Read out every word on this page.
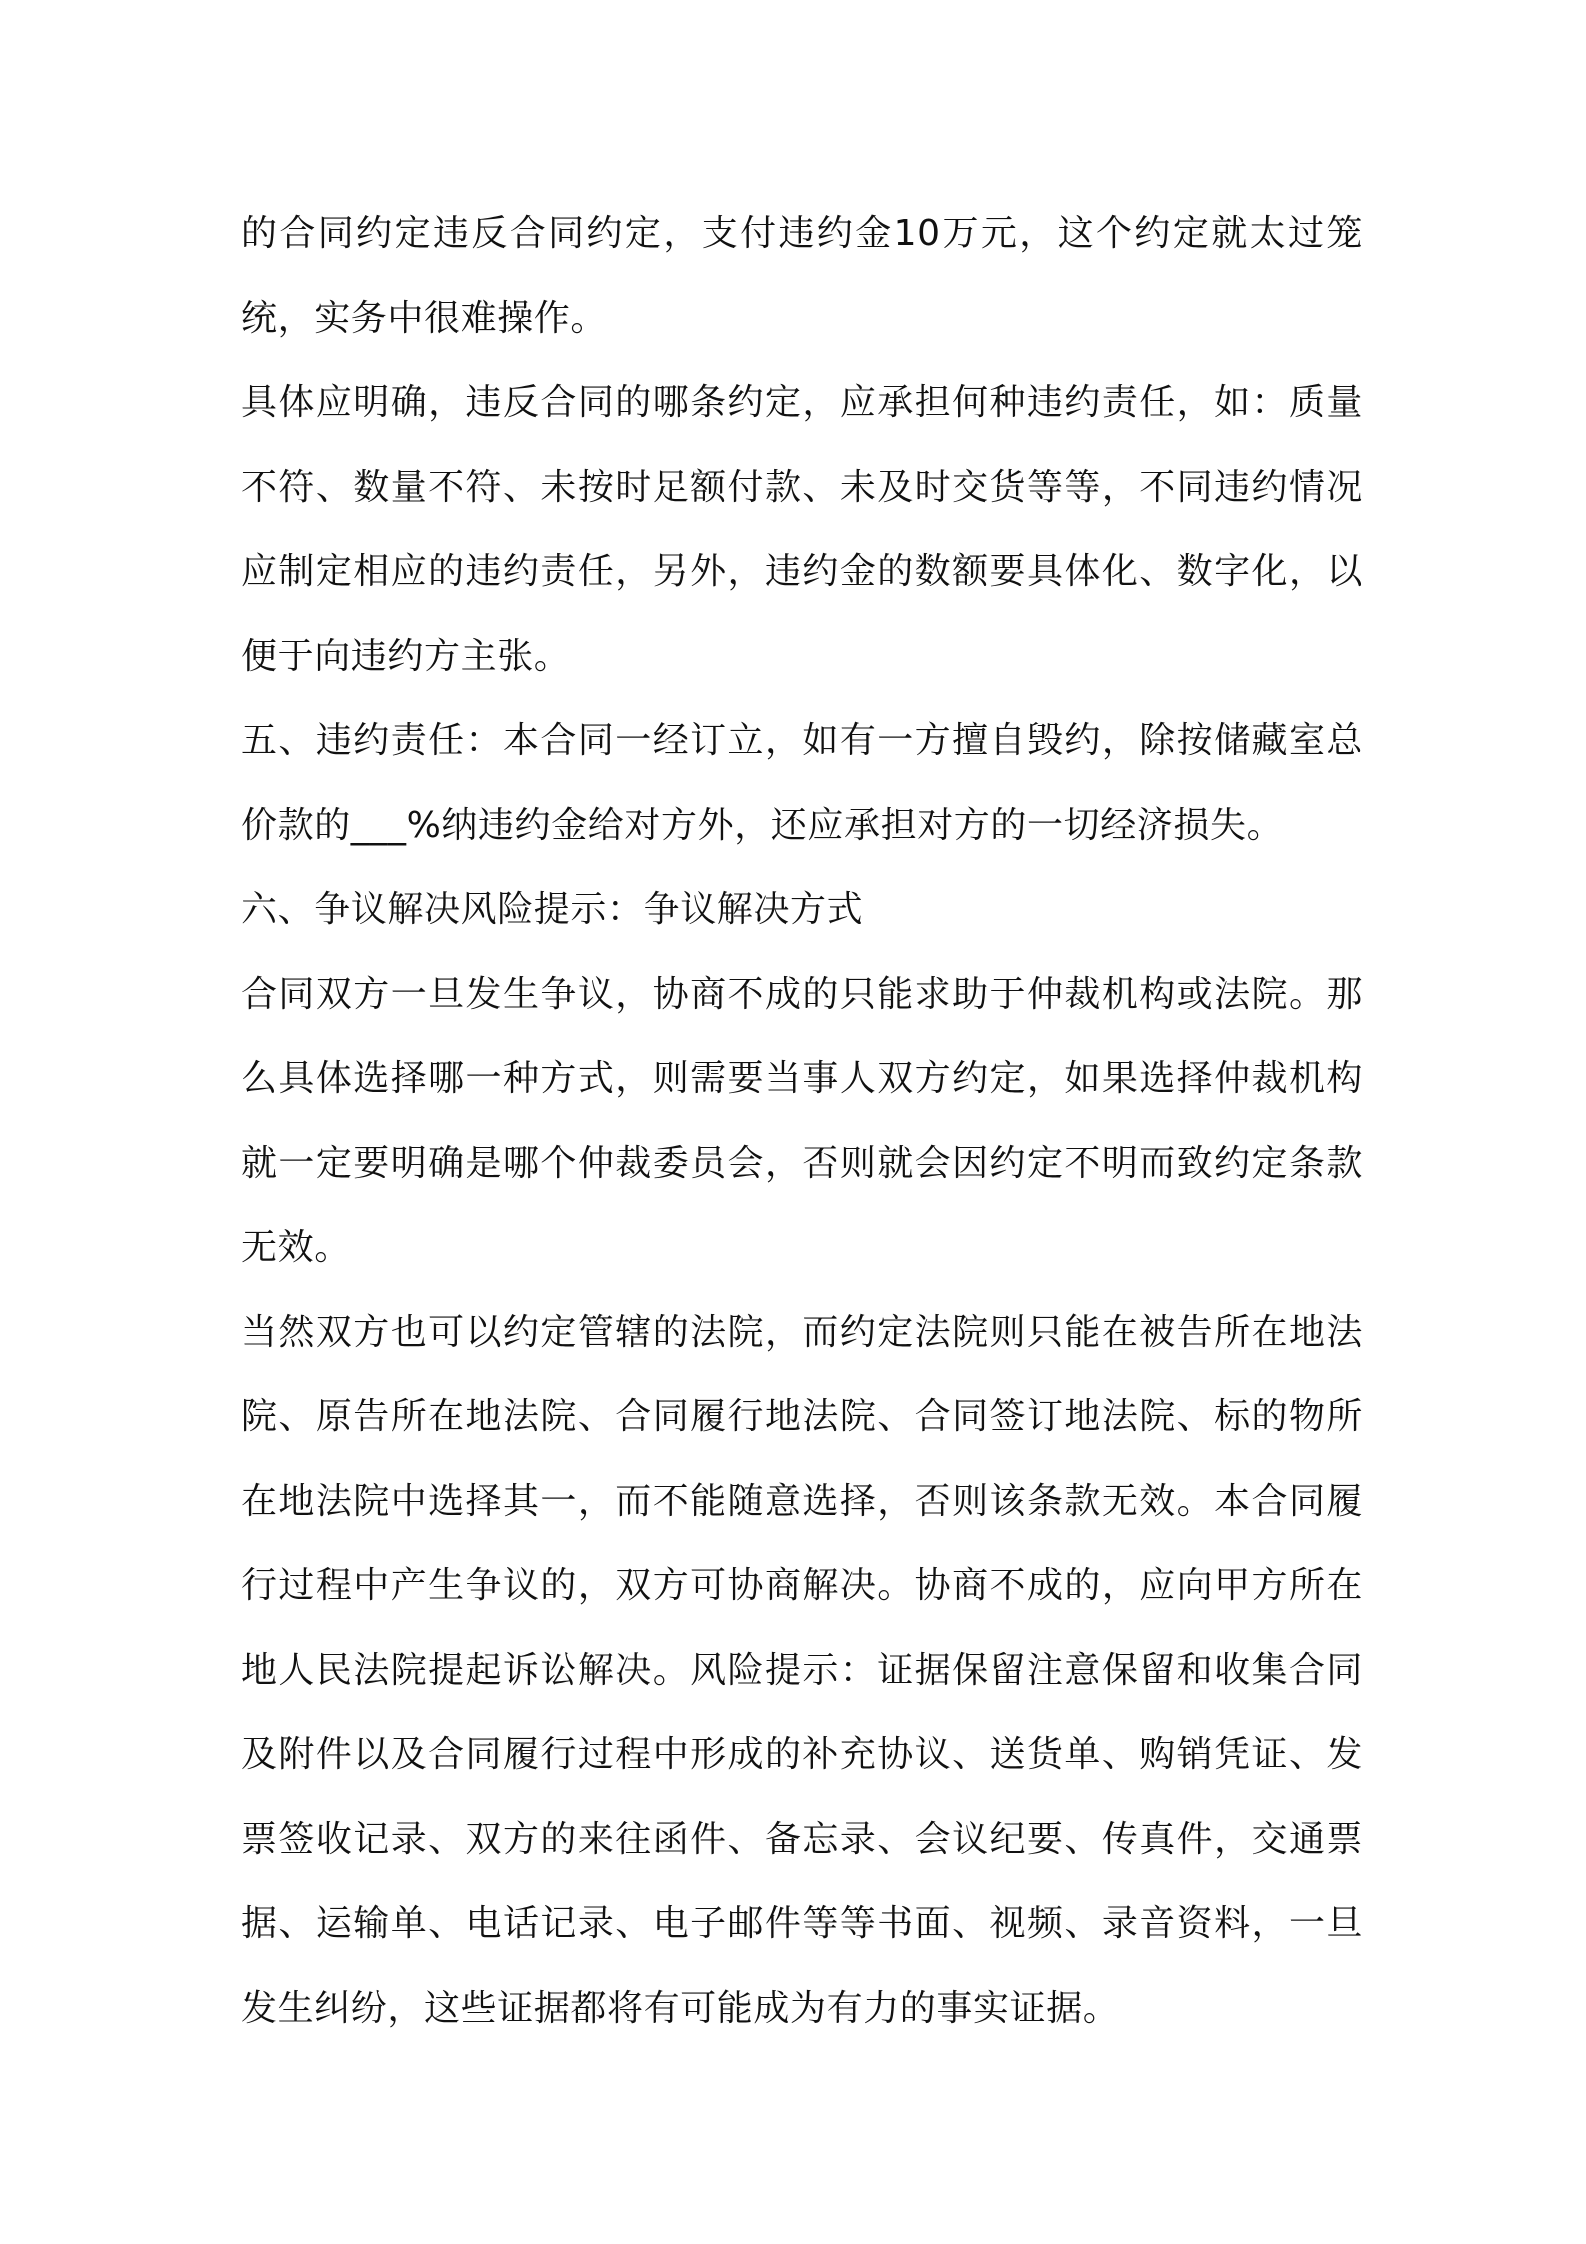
的合同约定违反合同约定，支付违约金10万元，这个约定就太过笼统，实务中很难操作。

具体应明确，违反合同的哪条约定，应承担何种违约责任，如：质量不符、数量不符、未按时足额付款、未及时交货等等，不同违约情况应制定相应的违约责任，另外，违约金的数额要具体化、数字化，以便于向违约方主张。

五、违约责任：本合同一经订立，如有一方擅自毁约，除按储藏室总价款的___%纳违约金给对方外，还应承担对方的一切经济损失。

六、争议解决风险提示：争议解决方式

合同双方一旦发生争议，协商不成的只能求助于仲裁机构或法院。那么具体选择哪一种方式，则需要当事人双方约定，如果选择仲裁机构就一定要明确是哪个仲裁委员会，否则就会因约定不明而致约定条款无效。

当然双方也可以约定管辖的法院，而约定法院则只能在被告所在地法院、原告所在地法院、合同履行地法院、合同签订地法院、标的物所在地法院中选择其一，而不能随意选择，否则该条款无效。本合同履行过程中产生争议的，双方可协商解决。协商不成的，应向甲方所在地人民法院提起诉讼解决。风险提示：证据保留注意保留和收集合同及附件以及合同履行过程中形成的补充协议、送货单、购销凭证、发票签收记录、双方的来往函件、备忘录、会议纪要、传真件，交通票据、运输单、电话记录、电子邮件等等书面、视频、录音资料，一旦发生纠纷，这些证据都将有可能成为有力的事实证据。
